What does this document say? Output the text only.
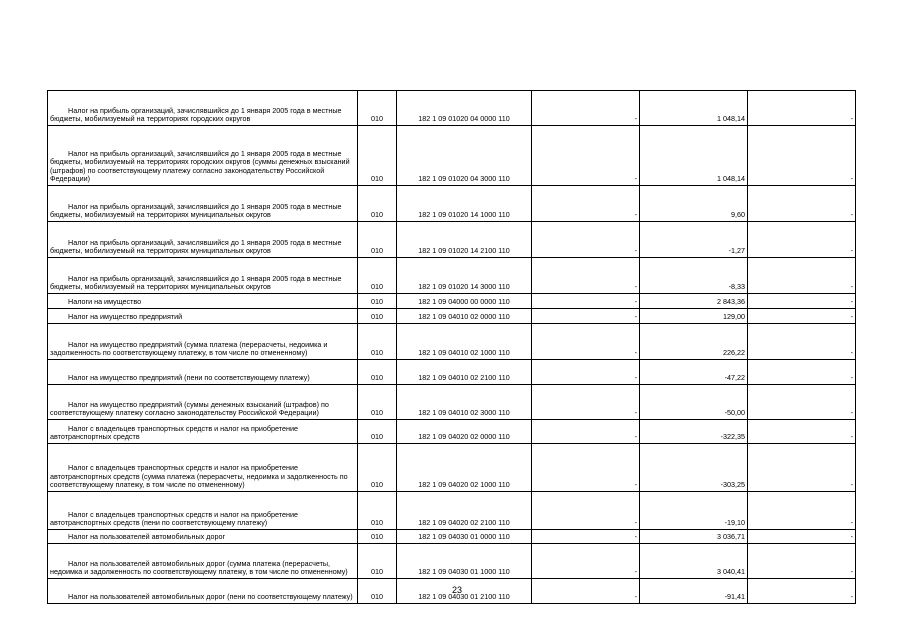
Налог на прибыль организаций, зачислявшийся до 1 января 2005 года в местные бюджеты, мобилизуемый на территориях городских округов	010	182 1 09 01020 04 0000 110	-	1 048,14	-

Налог на прибыль организаций, зачислявшийся до 1 января 2005 года в местные бюджеты, мобилизуемый на территориях городских округов (суммы денежных взысканий (штрафов) по соответствующему платежу согласно законодательству Российской Федерации)	010	182 1 09 01020 04 3000 110	-	1 048,14	-

Налог на прибыль организаций, зачислявшийся до 1 января 2005 года в местные бюджеты, мобилизуемый на территориях муниципальных округов	010	182 1 09 01020 14 1000 110	-	9,60	-

Налог на прибыль организаций, зачислявшийся до 1 января 2005 года в местные бюджеты, мобилизуемый на территориях муниципальных округов	010	182 1 09 01020 14 2100 110	-	-1,27	-

Налог на прибыль организаций, зачислявшийся до 1 января 2005 года в местные бюджеты, мобилизуемый на территориях муниципальных округов	010	182 1 09 01020 14 3000 110	-	-8,33	-

Налоги на имущество	010	182 1 09 04000 00 0000 110	-	2 843,36	-

Налог на имущество предприятий	010	182 1 09 04010 02 0000 110	-	129,00	-

Налог на имущество предприятий (сумма платежа (перерасчеты, недоимка и задолженность по соответствующему платежу, в том числе по отмененному)	010	182 1 09 04010 02 1000 110	-	226,22	-

Налог на имущество предприятий (пени по соответствующему платежу)	010	182 1 09 04010 02 2100 110	-	-47,22	-

Налог на имущество предприятий (суммы денежных взысканий (штрафов) по соответствующему платежу согласно законодательству Российской Федерации)	010	182 1 09 04010 02 3000 110	-	-50,00	-

Налог с владельцев транспортных средств и налог на приобретение автотранспортных средств	010	182 1 09 04020 02 0000 110	-	-322,35	-

Налог с владельцев транспортных средств и налог на приобретение автотранспортных средств (сумма платежа (перерасчеты, недоимка и задолженность по соответствующему платежу, в том числе по отмененному)	010	182 1 09 04020 02 1000 110	-	-303,25	-

Налог с владельцев транспортных средств и налог на приобретение автотранспортных средств (пени по соответствующему платежу)	010	182 1 09 04020 02 2100 110	-	-19,10	-

Налог на пользователей автомобильных дорог	010	182 1 09 04030 01 0000 110	-	3 036,71	-

Налог на пользователей автомобильных дорог (сумма платежа (перерасчеты, недоимка и задолженность по соответствующему платежу, в том числе по отмененному)	010	182 1 09 04030 01 1000 110	-	3 040,41	-

Налог на пользователей автомобильных дорог (пени по соответствующему платежу)	010	182 1 09 04030 01 2100 110	-	-91,41	-
23
